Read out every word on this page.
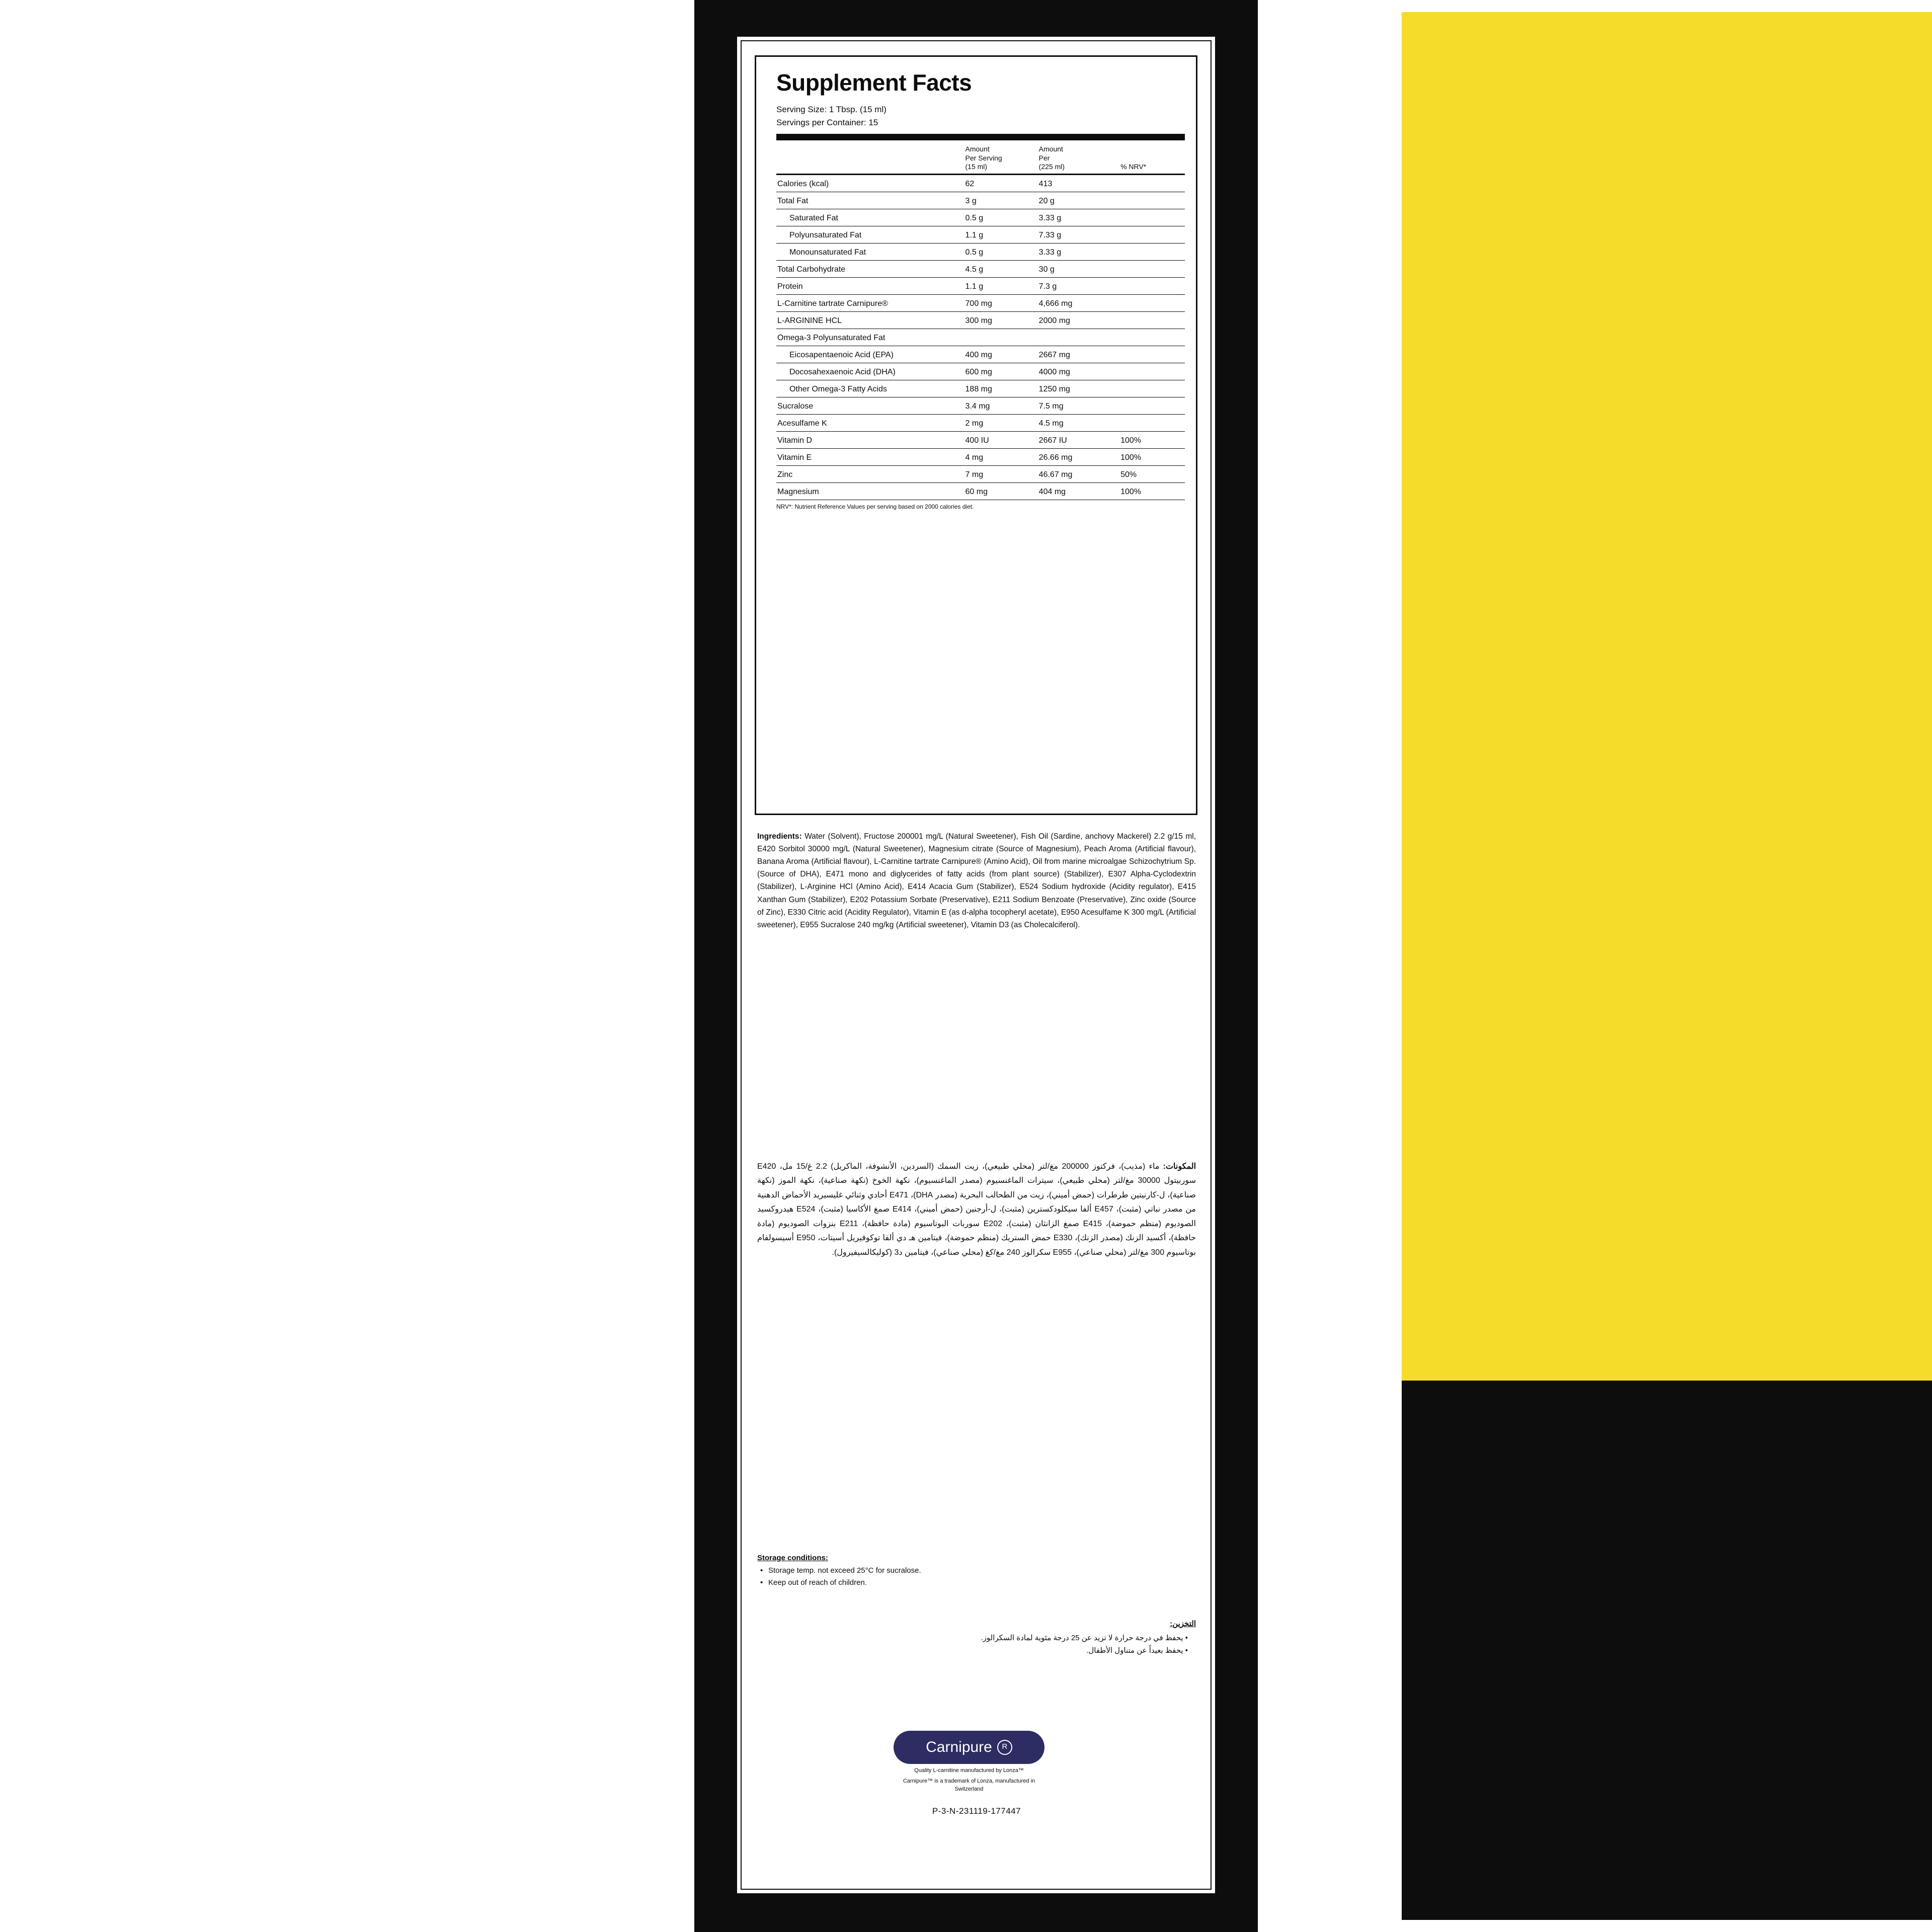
Supplement Facts
Serving Size: 1 Tbsp. (15 ml)
Servings per Container: 15
	Amount
Per Serving
(15 ml)	Amount
Per
(225 ml)	% NRV*
Calories (kcal)	62	413	
Total Fat	3 g	20 g	
Saturated Fat	0.5 g	3.33 g	
Polyunsaturated Fat	1.1 g	7.33 g	
Monounsaturated Fat	0.5 g	3.33 g	
Total Carbohydrate	4.5 g	30 g	
Protein	1.1 g	7.3 g	
L-Carnitine tartrate Carnipure®	700 mg	4,666 mg	
L-ARGININE HCL	300 mg	2000 mg	
Omega-3 Polyunsaturated Fat			
Eicosapentaenoic Acid (EPA)	400 mg	2667 mg	
Docosahexaenoic Acid (DHA)	600 mg	4000 mg	
Other Omega-3 Fatty Acids	188 mg	1250 mg	
Sucralose	3.4 mg	7.5 mg	
Acesulfame K	2 mg	4.5 mg	
Vitamin D	400 IU	2667 IU	100%
Vitamin E	4 mg	26.66 mg	100%
Zinc	7 mg	46.67 mg	50%
Magnesium	60 mg	404 mg	100%
NRV*: Nutrient Reference Values per serving based on 2000 calories diet.
Ingredients: Water (Solvent), Fructose 200001 mg/L (Natural Sweetener), Fish Oil (Sardine, anchovy Mackerel) 2.2 g/15 ml, E420 Sorbitol 30000 mg/L (Natural Sweetener), Magnesium citrate (Source of Magnesium), Peach Aroma (Artificial flavour), Banana Aroma (Artificial flavour), L-Carnitine tartrate Carnipure® (Amino Acid), Oil from marine microalgae Schizochytrium Sp. (Source of DHA), E471 mono and diglycerides of fatty acids (from plant source) (Stabilizer), E307 Alpha-Cyclodextrin (Stabilizer), L-Arginine HCl (Amino Acid), E414 Acacia Gum (Stabilizer), E524 Sodium hydroxide (Acidity regulator), E415 Xanthan Gum (Stabilizer), E202 Potassium Sorbate (Preservative), E211 Sodium Benzoate (Preservative), Zinc oxide (Source of Zinc), E330 Citric acid (Acidity Regulator), Vitamin E (as d-alpha tocopheryl acetate), E950 Acesulfame K 300 mg/L (Artificial sweetener), E955 Sucralose 240 mg/kg (Artificial sweetener), Vitamin D3 (as Cholecalciferol).
المكونات: ماء (مذيب)، فركتوز 200000 مغ/لتر (محلي طبيعي)، زيت السمك (السردين، الأنشوفة، الماكريل) 2.2 غ/15 مل، E420 سوربيتول 30000 مغ/لتر (محلي طبيعي)، سيترات الماغنسيوم (مصدر الماغنسيوم)، نكهة الخوخ (نكهة صناعية)، نكهة الموز (نكهة صناعية)، ل-كارنيتين طرطرات (حمض أميني)، زيت من الطحالب البحرية (مصدر DHA)، E471 أحادي وثنائي غليسيريد الأحماض الدهنية من مصدر نباتي (مثبت)، E457 ألفا سيكلودكسترين (مثبت)، ل-أرجنين (حمض أميني)، E414 صمغ الأكاسيا (مثبت)، E524 هيدروكسيد الصوديوم (منظم حموضة)، E415 صمغ الزانثان (مثبت)، E202 سوربات البوتاسيوم (مادة حافظة)، E211 بنزوات الصوديوم (مادة حافظة)، أكسيد الزنك (مصدر الزنك)، E330 حمض الستريك (منظم حموضة)، فيتامين هـ دي ألفا توكوفيريل أسيتات، E950 أسيسولفام بوتاسيوم 300 مغ/لتر (محلي صناعي)، E955 سكرالوز 240 مغ/كغ (محلي صناعي)، فيتامين د3 (كوليكالسيفيرول).
Storage conditions:
• Storage temp. not exceed 25°C for sucralose.
• Keep out of reach of children.
التخزين:
• يحفظ في درجة حرارة لا تزيد عن 25 درجة مئوية لمادة السكرالوز.
• يحفظ بعيداً عن متناول الأطفال.
Carnipure	R
Quality L-carnitine manufactured by Lonza™
Carnipure™ is a trademark of Lonza, manufactured in Switzerland
P-3-N-231119-177447
